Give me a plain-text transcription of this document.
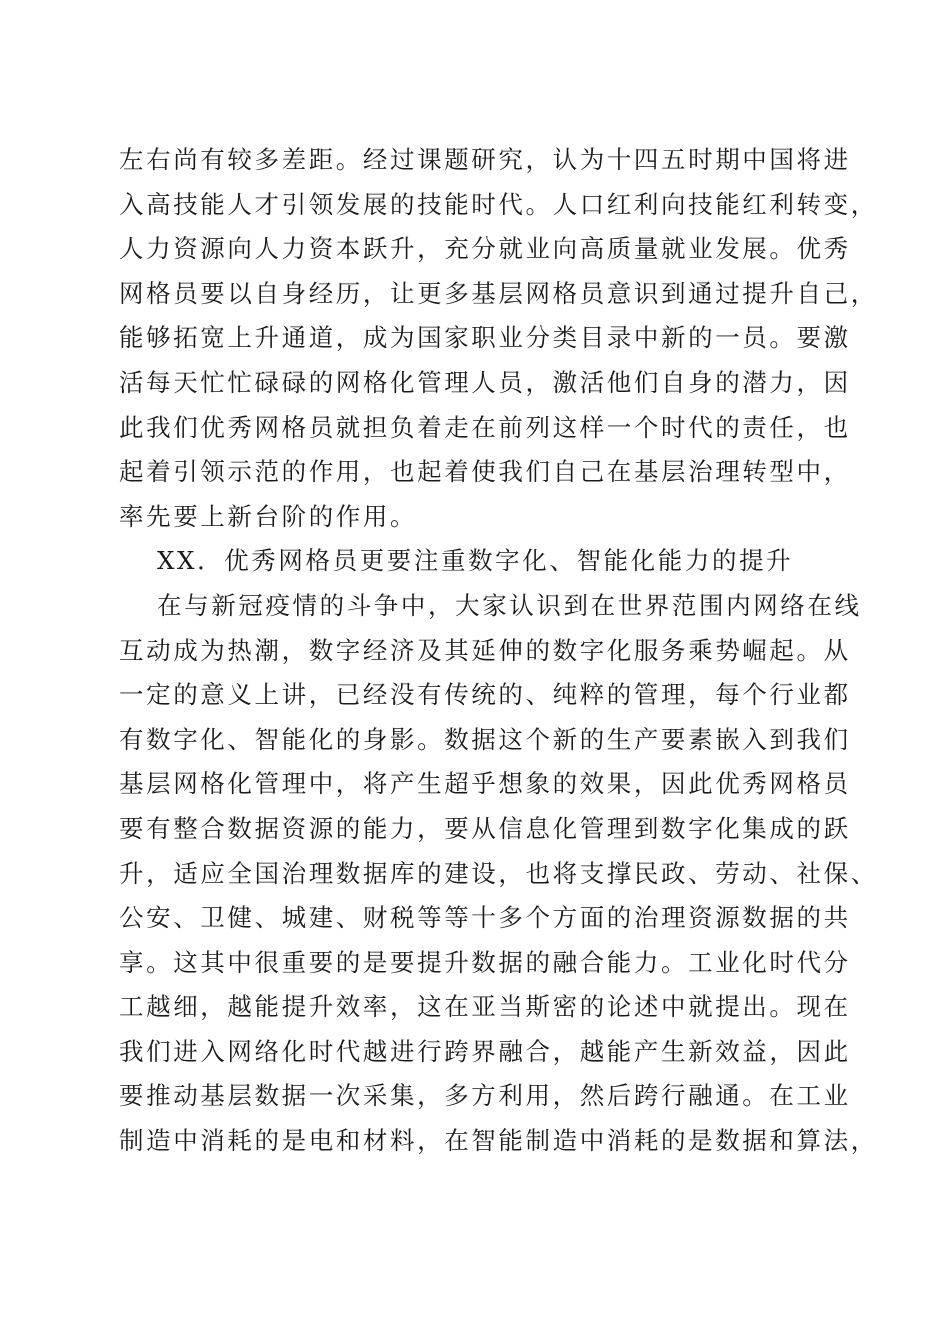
左右尚有较多差距。经过课题研究，认为十四五时期中国将进
入高技能人才引领发展的技能时代。人口红利向技能红利转变，
人力资源向人力资本跃升，充分就业向高质量就业发展。优秀
网格员要以自身经历，让更多基层网格员意识到通过提升自己，
能够拓宽上升通道，成为国家职业分类目录中新的一员。要激
活每天忙忙碌碌的网格化管理人员，激活他们自身的潜力，因
此我们优秀网格员就担负着走在前列这样一个时代的责任，也
起着引领示范的作用，也起着使我们自己在基层治理转型中，
率先要上新台阶的作用。
XX．优秀网格员更要注重数字化、智能化能力的提升
在与新冠疫情的斗争中，大家认识到在世界范围内网络在线
互动成为热潮，数字经济及其延伸的数字化服务乘势崛起。从
一定的意义上讲，已经没有传统的、纯粹的管理，每个行业都
有数字化、智能化的身影。数据这个新的生产要素嵌入到我们
基层网格化管理中，将产生超乎想象的效果，因此优秀网格员
要有整合数据资源的能力，要从信息化管理到数字化集成的跃
升，适应全国治理数据库的建设，也将支撑民政、劳动、社保、
公安、卫健、城建、财税等等十多个方面的治理资源数据的共
享。这其中很重要的是要提升数据的融合能力。工业化时代分
工越细，越能提升效率，这在亚当斯密的论述中就提出。现在
我们进入网络化时代越进行跨界融合，越能产生新效益，因此
要推动基层数据一次采集，多方利用，然后跨行融通。在工业
制造中消耗的是电和材料，在智能制造中消耗的是数据和算法，
